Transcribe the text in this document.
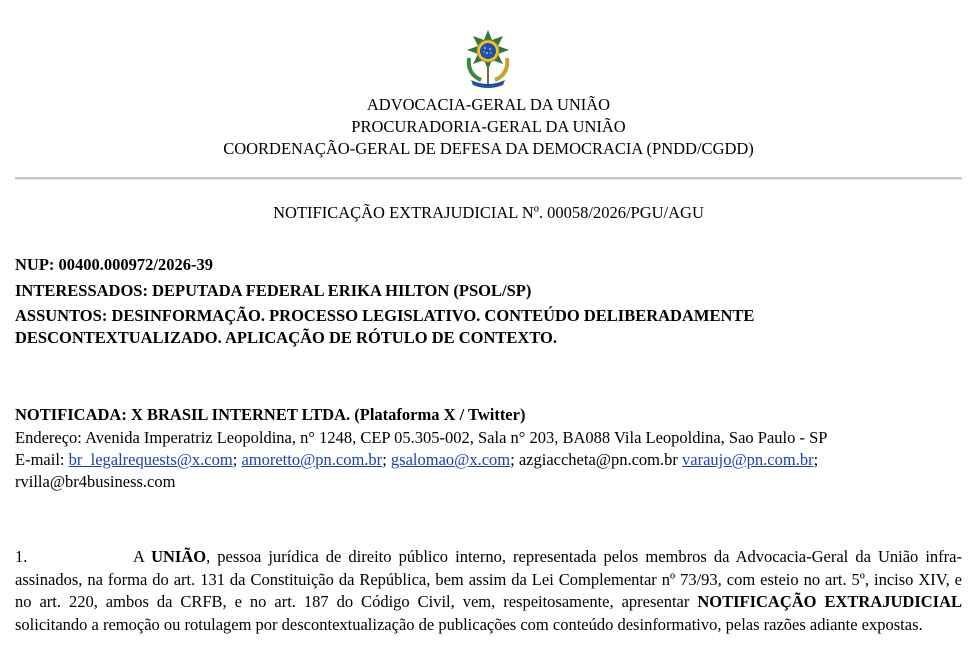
ADVOCACIA-GERAL DA UNIÃO
PROCURADORIA-GERAL DA UNIÃO
COORDENAÇÃO-GERAL DE DEFESA DA DEMOCRACIA (PNDD/CGDD)
NOTIFICAÇÃO EXTRAJUDICIAL Nº. 00058/2026/PGU/AGU
NUP: 00400.000972/2026-39
INTERESSADOS: DEPUTADA FEDERAL ERIKA HILTON (PSOL/SP)
ASSUNTOS: DESINFORMAÇÃO. PROCESSO LEGISLATIVO. CONTEÚDO DELIBERADAMENTE
DESCONTEXTUALIZADO. APLICAÇÃO DE RÓTULO DE CONTEXTO.
NOTIFICADA: X BRASIL INTERNET LTDA. (Plataforma X / Twitter)
Endereço: Avenida Imperatriz Leopoldina, n° 1248, CEP 05.305-002, Sala n° 203, BA088 Vila Leopoldina, Sao Paulo - SP
E-mail: br_legalrequests@x.com; amoretto@pn.com.br; gsalomao@x.com; azgiaccheta@pn.com.br varaujo@pn.com.br;
rvilla@br4business.com
1.	A UNIÃO, pessoa jurídica de direito público interno, representada pelos membros da Advocacia-Geral da União infra-assinados, na forma do art. 131 da Constituição da República, bem assim da Lei Complementar nº 73/93, com esteio no art. 5º, inciso XIV, e no art. 220, ambos da CRFB, e no art. 187 do Código Civil, vem, respeitosamente, apresentar NOTIFICAÇÃO EXTRAJUDICIAL solicitando a remoção ou rotulagem por descontextualização de publicações com conteúdo desinformativo, pelas razões adiante expostas.
